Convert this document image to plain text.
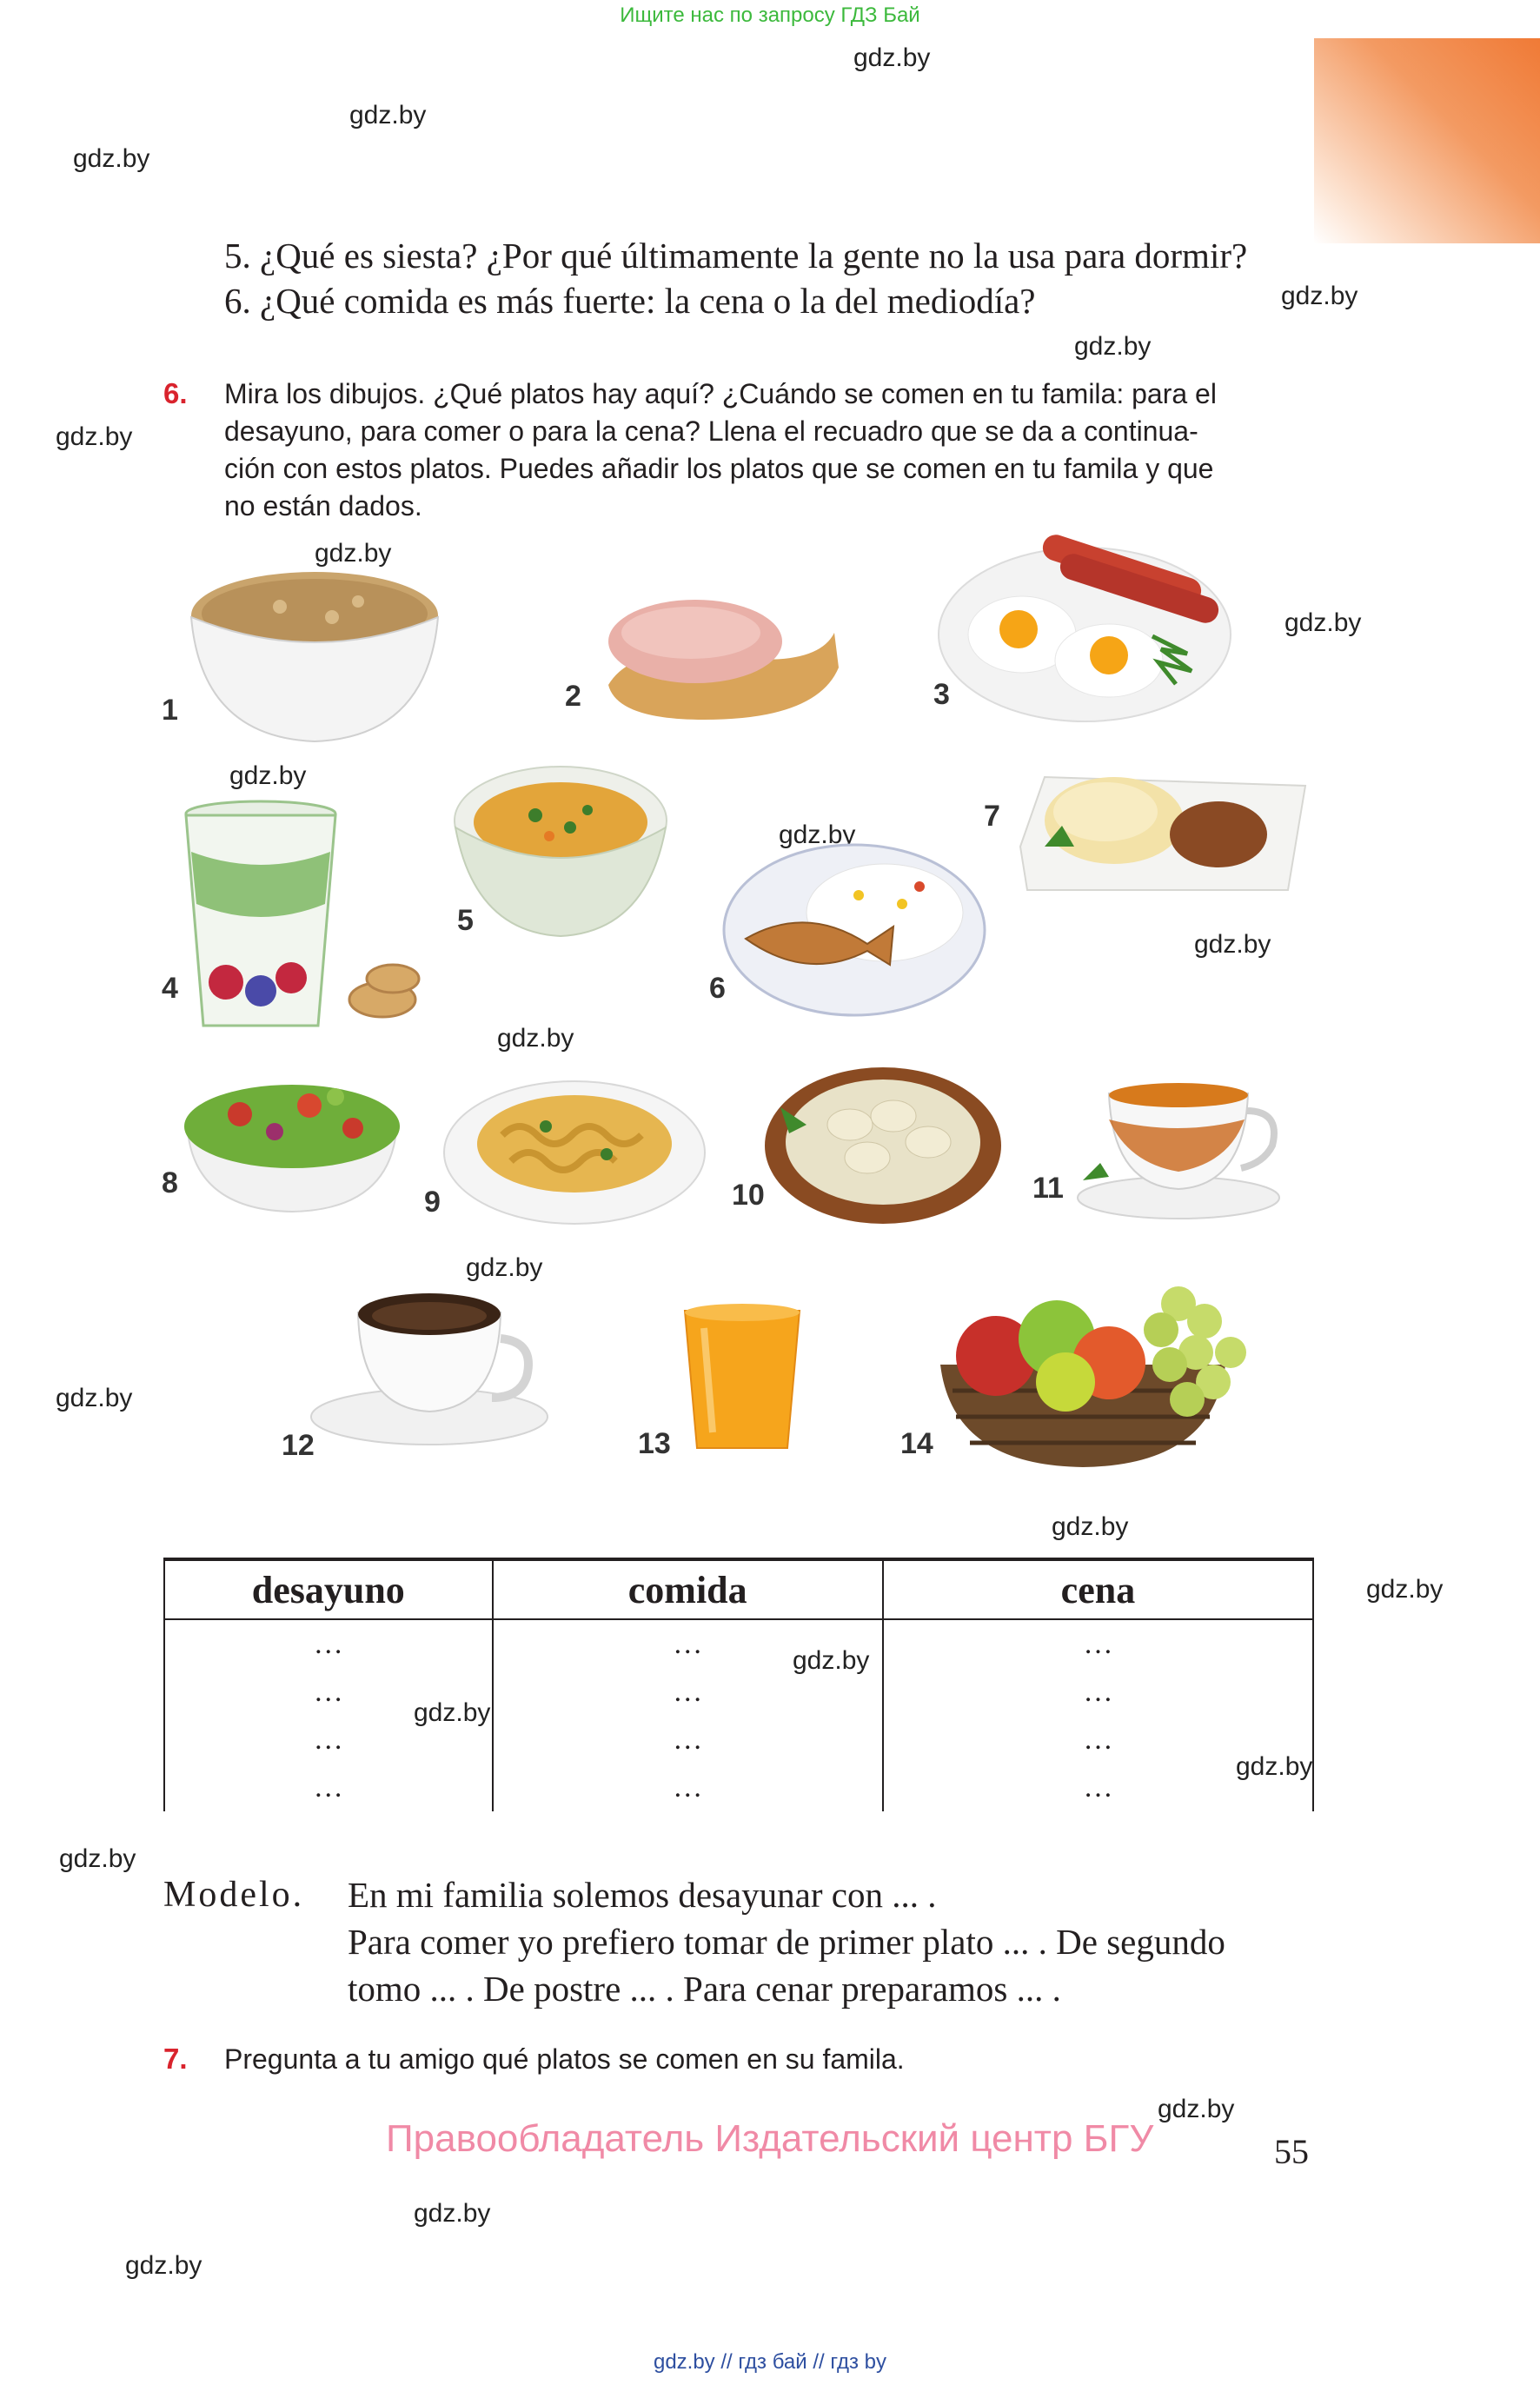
Ищите нас по запросу ГДЗ Бай
gdz.by
gdz.by
gdz.by
gdz.by
gdz.by
gdz.by
gdz.by
gdz.by
gdz.by
gdz.by
gdz.by
gdz.by
gdz.by
gdz.by
gdz.by
gdz.by
gdz.by
gdz.by
gdz.by
gdz.by
gdz.by
gdz.by
gdz.by
5. ¿Qué es siesta? ¿Por qué últimamente la gente no la usa para dormir?
6. ¿Qué comida es más fuerte: la cena o la del mediodía?
6. Mira los dibujos. ¿Qué platos hay aquí? ¿Cuándo se comen en tu famila: para el
desayuno, para comer o para la cena? Llena el recuadro que se da a continua-
ción con estos platos. Puedes añadir los platos que se comen en tu famila y que
no están dados.
1	2	3
4
5
6
7
8
9	10	11
12	13	14
desayuno	comida	cena
…	…	…
…	…	…
…	…	…
…	…	…
Modelo. En mi familia solemos desayunar con ... .
Para comer yo prefiero tomar de primer plato ... . De segundo
tomo ... . De postre ... . Para cenar preparamos ... .
7. Pregunta a tu amigo qué platos se comen en su famila.
Правообладатель Издательский центр БГУ	55
gdz.by // гдз бай // гдз by
